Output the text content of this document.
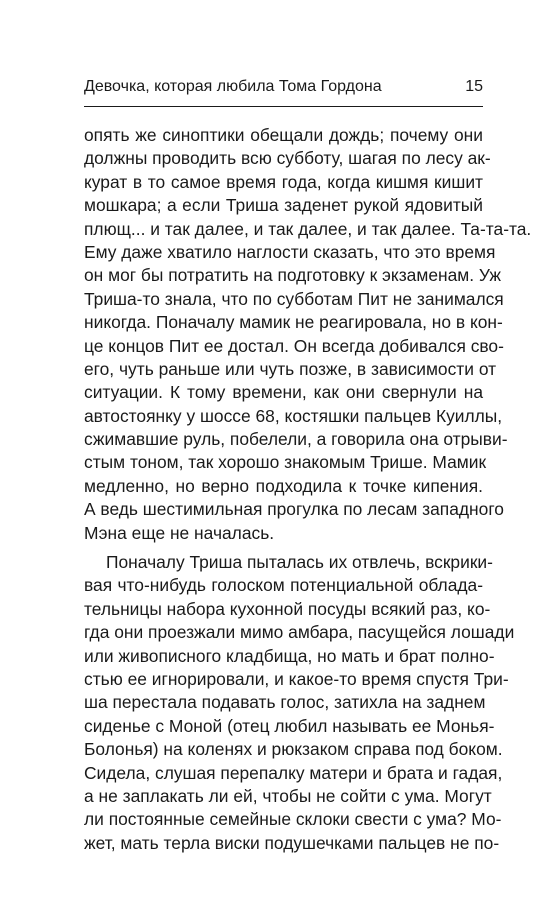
Девочка, которая любила Тома Гордона	15
опять же синоптики обещали дождь; почему они
должны проводить всю субботу, шагая по лесу ак-
курат в то самое время года, когда кишмя кишит
мошкара; а если Триша заденет рукой ядовитый
плющ... и так далее, и так далее, и так далее. Та-та-та.
Ему даже хватило наглости сказать, что это время
он мог бы потратить на подготовку к экзаменам. Уж
Триша-то знала, что по субботам Пит не занимался
никогда. Поначалу мамик не реагировала, но в кон-
це концов Пит ее достал. Он всегда добивался сво-
его, чуть раньше или чуть позже, в зависимости от
ситуации. К тому времени, как они свернули на
автостоянку у шоссе 68, костяшки пальцев Куиллы,
сжимавшие руль, побелели, а говорила она отрыви-
стым тоном, так хорошо знакомым Трише. Мамик
медленно, но верно подходила к точке кипения.
А ведь шестимильная прогулка по лесам западного
Мэна еще не началась.
Поначалу Триша пыталась их отвлечь, вскрики-
вая что-нибудь голоском потенциальной облада-
тельницы набора кухонной посуды всякий раз, ко-
гда они проезжали мимо амбара, пасущейся лошади
или живописного кладбища, но мать и брат полно-
стью ее игнорировали, и какое-то время спустя Три-
ша перестала подавать голос, затихла на заднем
сиденье с Моной (отец любил называть ее Монья-
Болонья) на коленях и рюкзаком справа под боком.
Сидела, слушая перепалку матери и брата и гадая,
а не заплакать ли ей, чтобы не сойти с ума. Могут
ли постоянные семейные склоки свести с ума? Мо-
жет, мать терла виски подушечками пальцев не по-
